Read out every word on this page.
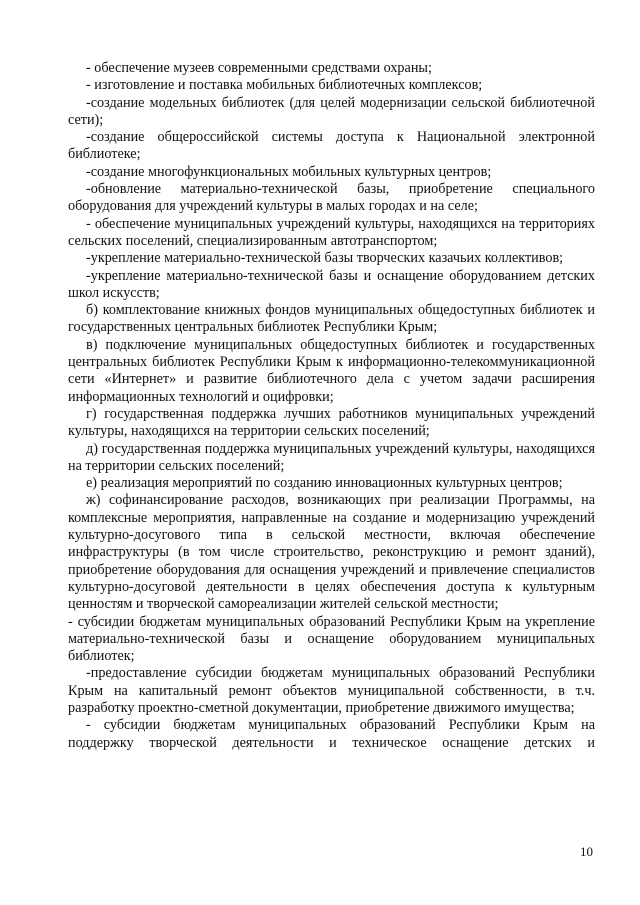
- обеспечение музеев современными средствами охраны;

- изготовление и поставка мобильных библиотечных комплексов;

-создание модельных библиотек (для целей модернизации сельской библиотечной сети);

-создание общероссийской системы доступа к Национальной электронной библиотеке;

-создание многофункциональных мобильных культурных центров;

-обновление материально-технической базы, приобретение специального оборудования для учреждений культуры в малых городах и на селе;

- обеспечение муниципальных учреждений культуры, находящихся на территориях сельских поселений, специализированным автотранспортом;

-укрепление материально-технической базы творческих казачьих коллективов;

-укрепление материально-технической базы и оснащение оборудованием детских школ искусств;

б) комплектование книжных фондов муниципальных общедоступных библиотек и государственных центральных библиотек Республики Крым;

в) подключение муниципальных общедоступных библиотек и государственных центральных библиотек Республики Крым к информационно-телекоммуникационной сети «Интернет» и развитие библиотечного дела с учетом задачи расширения информационных технологий и оцифровки;

г) государственная поддержка лучших работников муниципальных учреждений культуры, находящихся на территории сельских поселений;

д) государственная поддержка муниципальных учреждений культуры, находящихся на территории сельских поселений;

е) реализация мероприятий по созданию инновационных культурных центров;

ж) софинансирование расходов, возникающих при реализации Программы, на комплексные мероприятия, направленные на создание и модернизацию учреждений культурно-досугового типа в сельской местности, включая обеспечение инфраструктуры (в том числе строительство, реконструкцию и ремонт зданий), приобретение оборудования для оснащения учреждений и привлечение специалистов культурно-досуговой деятельности в целях обеспечения доступа к культурным ценностям и творческой самореализации жителей сельской местности;

- субсидии бюджетам муниципальных образований Республики Крым на укрепление материально-технической базы и оснащение оборудованием муниципальных библиотек;

-предоставление субсидии бюджетам муниципальных образований Республики Крым на капитальный ремонт объектов муниципальной собственности, в т.ч. разработку проектно-сметной документации, приобретение движимого имущества;

- субсидии бюджетам муниципальных образований Республики Крым на поддержку творческой деятельности и техническое оснащение детских и

10
